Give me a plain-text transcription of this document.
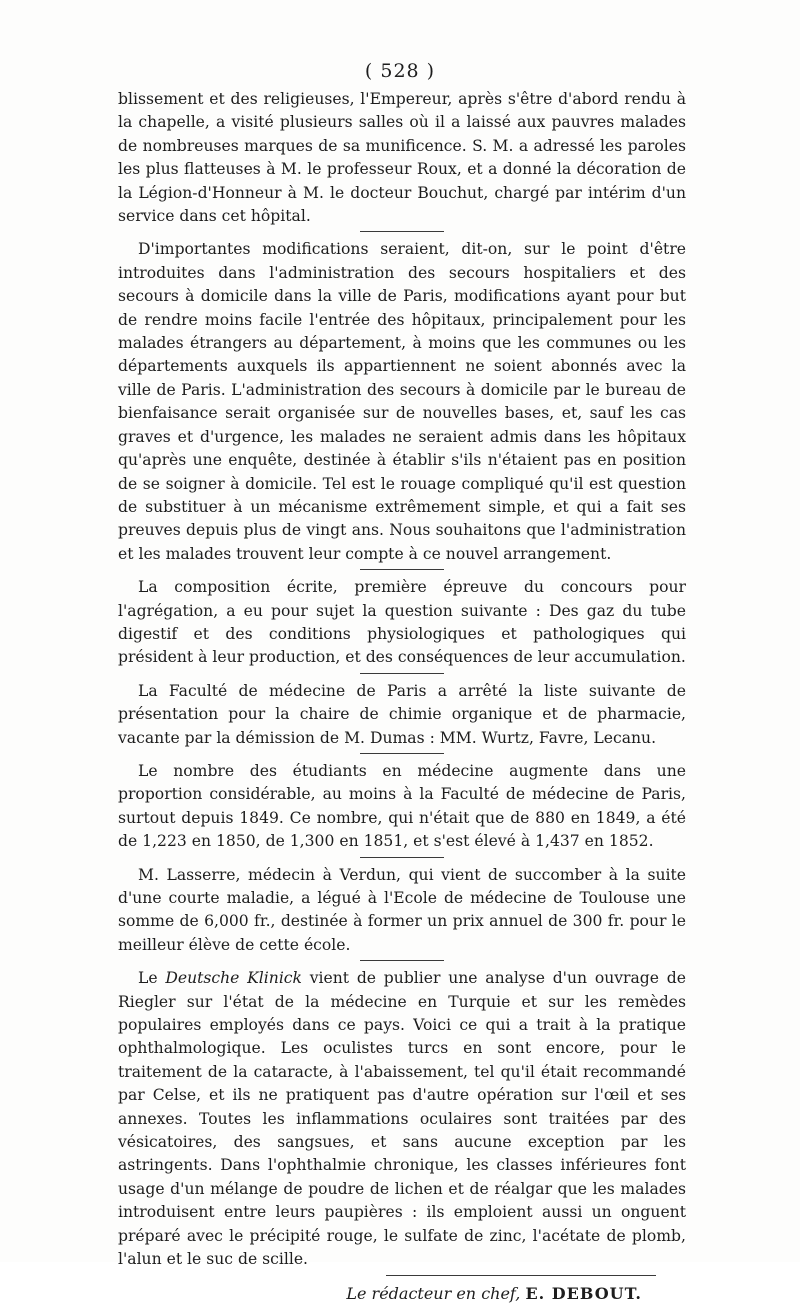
( 528 )

blissement et des religieuses, l'Empereur, après s'être d'abord rendu à la chapelle, a visité plusieurs salles où il a laissé aux pauvres malades de nombreuses marques de sa munificence. S. M. a adressé les paroles les plus flatteuses à M. le professeur Roux, et a donné la décoration de la Légion-d'Honneur à M. le docteur Bouchut, chargé par intérim d'un service dans cet hôpital.

D'importantes modifications seraient, dit-on, sur le point d'être introduites dans l'administration des secours hospitaliers et des secours à domicile dans la ville de Paris, modifications ayant pour but de rendre moins facile l'entrée des hôpitaux, principalement pour les malades étrangers au département, à moins que les communes ou les départements auxquels ils appartiennent ne soient abonnés avec la ville de Paris. L'administration des secours à domicile par le bureau de bienfaisance serait organisée sur de nouvelles bases, et, sauf les cas graves et d'urgence, les malades ne seraient admis dans les hôpitaux qu'après une enquête, destinée à établir s'ils n'étaient pas en position de se soigner à domicile. Tel est le rouage compliqué qu'il est question de substituer à un mécanisme extrêmement simple, et qui a fait ses preuves depuis plus de vingt ans. Nous souhaitons que l'administration et les malades trouvent leur compte à ce nouvel arrangement.

La composition écrite, première épreuve du concours pour l'agrégation, a eu pour sujet la question suivante : Des gaz du tube digestif et des conditions physiologiques et pathologiques qui président à leur production, et des conséquences de leur accumulation.

La Faculté de médecine de Paris a arrêté la liste suivante de présentation pour la chaire de chimie organique et de pharmacie, vacante par la démission de M. Dumas : MM. Wurtz, Favre, Lecanu.

Le nombre des étudiants en médecine augmente dans une proportion considérable, au moins à la Faculté de médecine de Paris, surtout depuis 1849. Ce nombre, qui n'était que de 880 en 1849, a été de 1,223 en 1850, de 1,300 en 1851, et s'est élevé à 1,437 en 1852.

M. Lasserre, médecin à Verdun, qui vient de succomber à la suite d'une courte maladie, a légué à l'Ecole de médecine de Toulouse une somme de 6,000 fr., destinée à former un prix annuel de 300 fr. pour le meilleur élève de cette école.

Le Deutsche Klinick vient de publier une analyse d'un ouvrage de Riegler sur l'état de la médecine en Turquie et sur les remèdes populaires employés dans ce pays. Voici ce qui a trait à la pratique ophthalmologique. Les oculistes turcs en sont encore, pour le traitement de la cataracte, à l'abaissement, tel qu'il était recommandé par Celse, et ils ne pratiquent pas d'autre opération sur l'œil et ses annexes. Toutes les inflammations oculaires sont traitées par des vésicatoires, des sangsues, et sans aucune exception par les astringents. Dans l'ophthalmie chronique, les classes inférieures font usage d'un mélange de poudre de lichen et de réalgar que les malades introduisent entre leurs paupières : ils emploient aussi un onguent préparé avec le précipité rouge, le sulfate de zinc, l'acétate de plomb, l'alun et le suc de scille.

Le rédacteur en chef, E. DEBOUT.
